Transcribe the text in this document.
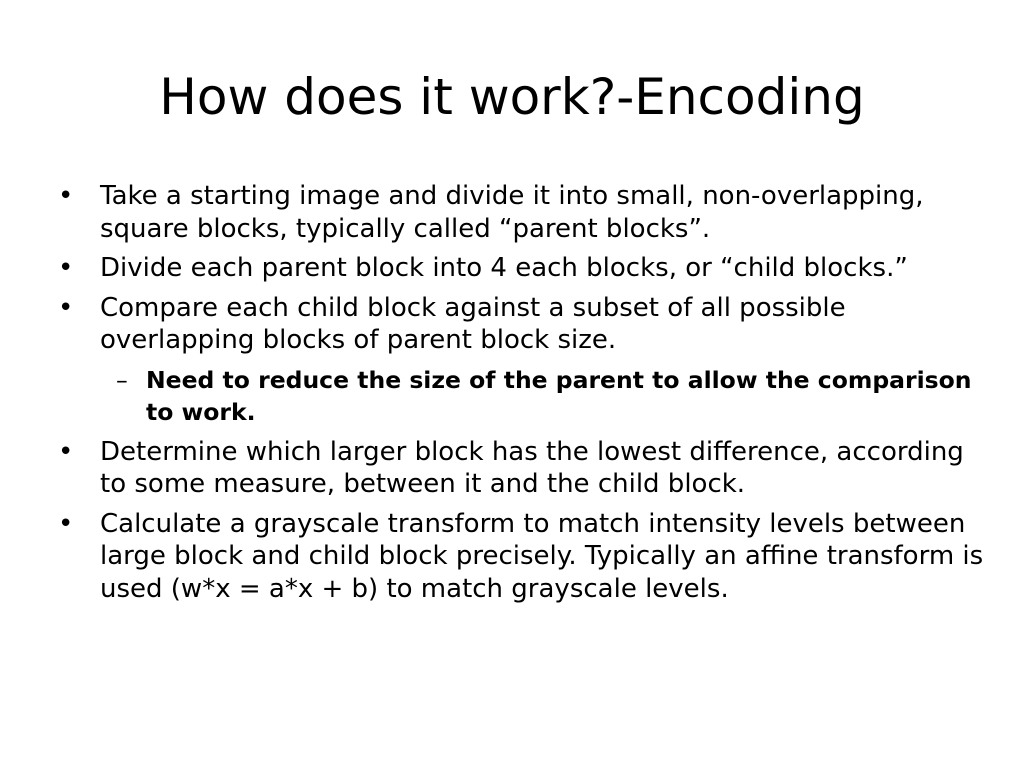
How does it work?-Encoding
• Take a starting image and divide it into small, non-overlapping, square blocks, typically called “parent blocks”.
• Divide each parent block into 4 each blocks, or “child blocks.”
• Compare each child block against a subset of all possible overlapping blocks of parent block size.
– Need to reduce the size of the parent to allow the comparison to work.
• Determine which larger block has the lowest difference, according to some measure, between it and the child block.
• Calculate a grayscale transform to match intensity levels between large block and child block precisely. Typically an affine transform is used (w*x = a*x + b) to match grayscale levels.
